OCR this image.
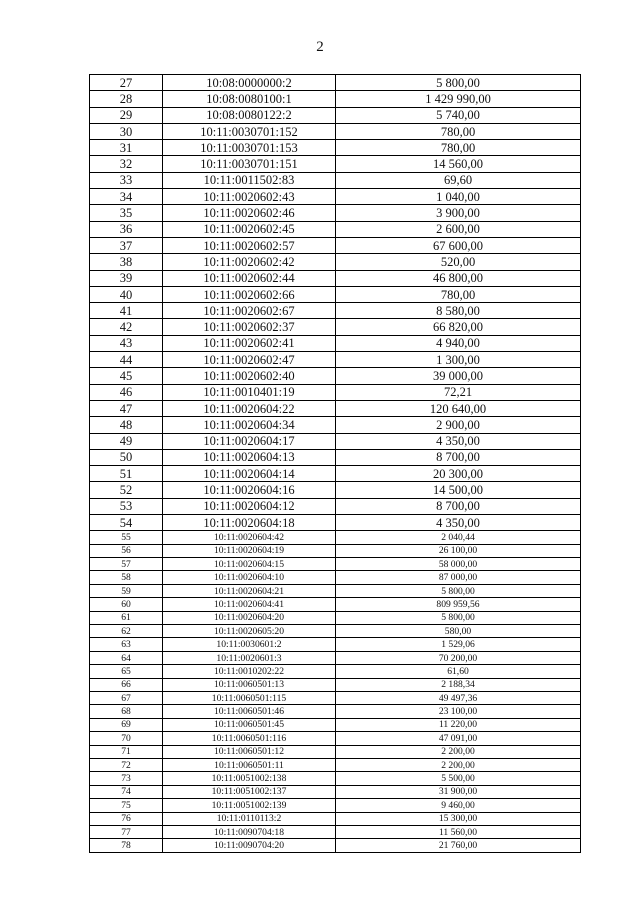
2
27	10:08:0000000:2	5 800,00
28	10:08:0080100:1	1 429 990,00
29	10:08:0080122:2	5 740,00
30	10:11:0030701:152	780,00
31	10:11:0030701:153	780,00
32	10:11:0030701:151	14 560,00
33	10:11:0011502:83	69,60
34	10:11:0020602:43	1 040,00
35	10:11:0020602:46	3 900,00
36	10:11:0020602:45	2 600,00
37	10:11:0020602:57	67 600,00
38	10:11:0020602:42	520,00
39	10:11:0020602:44	46 800,00
40	10:11:0020602:66	780,00
41	10:11:0020602:67	8 580,00
42	10:11:0020602:37	66 820,00
43	10:11:0020602:41	4 940,00
44	10:11:0020602:47	1 300,00
45	10:11:0020602:40	39 000,00
46	10:11:0010401:19	72,21
47	10:11:0020604:22	120 640,00
48	10:11:0020604:34	2 900,00
49	10:11:0020604:17	4 350,00
50	10:11:0020604:13	8 700,00
51	10:11:0020604:14	20 300,00
52	10:11:0020604:16	14 500,00
53	10:11:0020604:12	8 700,00
54	10:11:0020604:18	4 350,00
55	10:11:0020604:42	2 040,44
56	10:11:0020604:19	26 100,00
57	10:11:0020604:15	58 000,00
58	10:11:0020604:10	87 000,00
59	10:11:0020604:21	5 800,00
60	10:11:0020604:41	809 959,56
61	10:11:0020604:20	5 800,00
62	10:11:0020605:20	580,00
63	10:11:0030601:2	1 529,06
64	10:11:0020601:3	70 200,00
65	10:11:0010202:22	61,60
66	10:11:0060501:13	2 188,34
67	10:11:0060501:115	49 497,36
68	10:11:0060501:46	23 100,00
69	10:11:0060501:45	11 220,00
70	10:11:0060501:116	47 091,00
71	10:11:0060501:12	2 200,00
72	10:11:0060501:11	2 200,00
73	10:11:0051002:138	5 500,00
74	10:11:0051002:137	31 900,00
75	10:11:0051002:139	9 460,00
76	10:11:0110113:2	15 300,00
77	10:11:0090704:18	11 560,00
78	10:11:0090704:20	21 760,00
